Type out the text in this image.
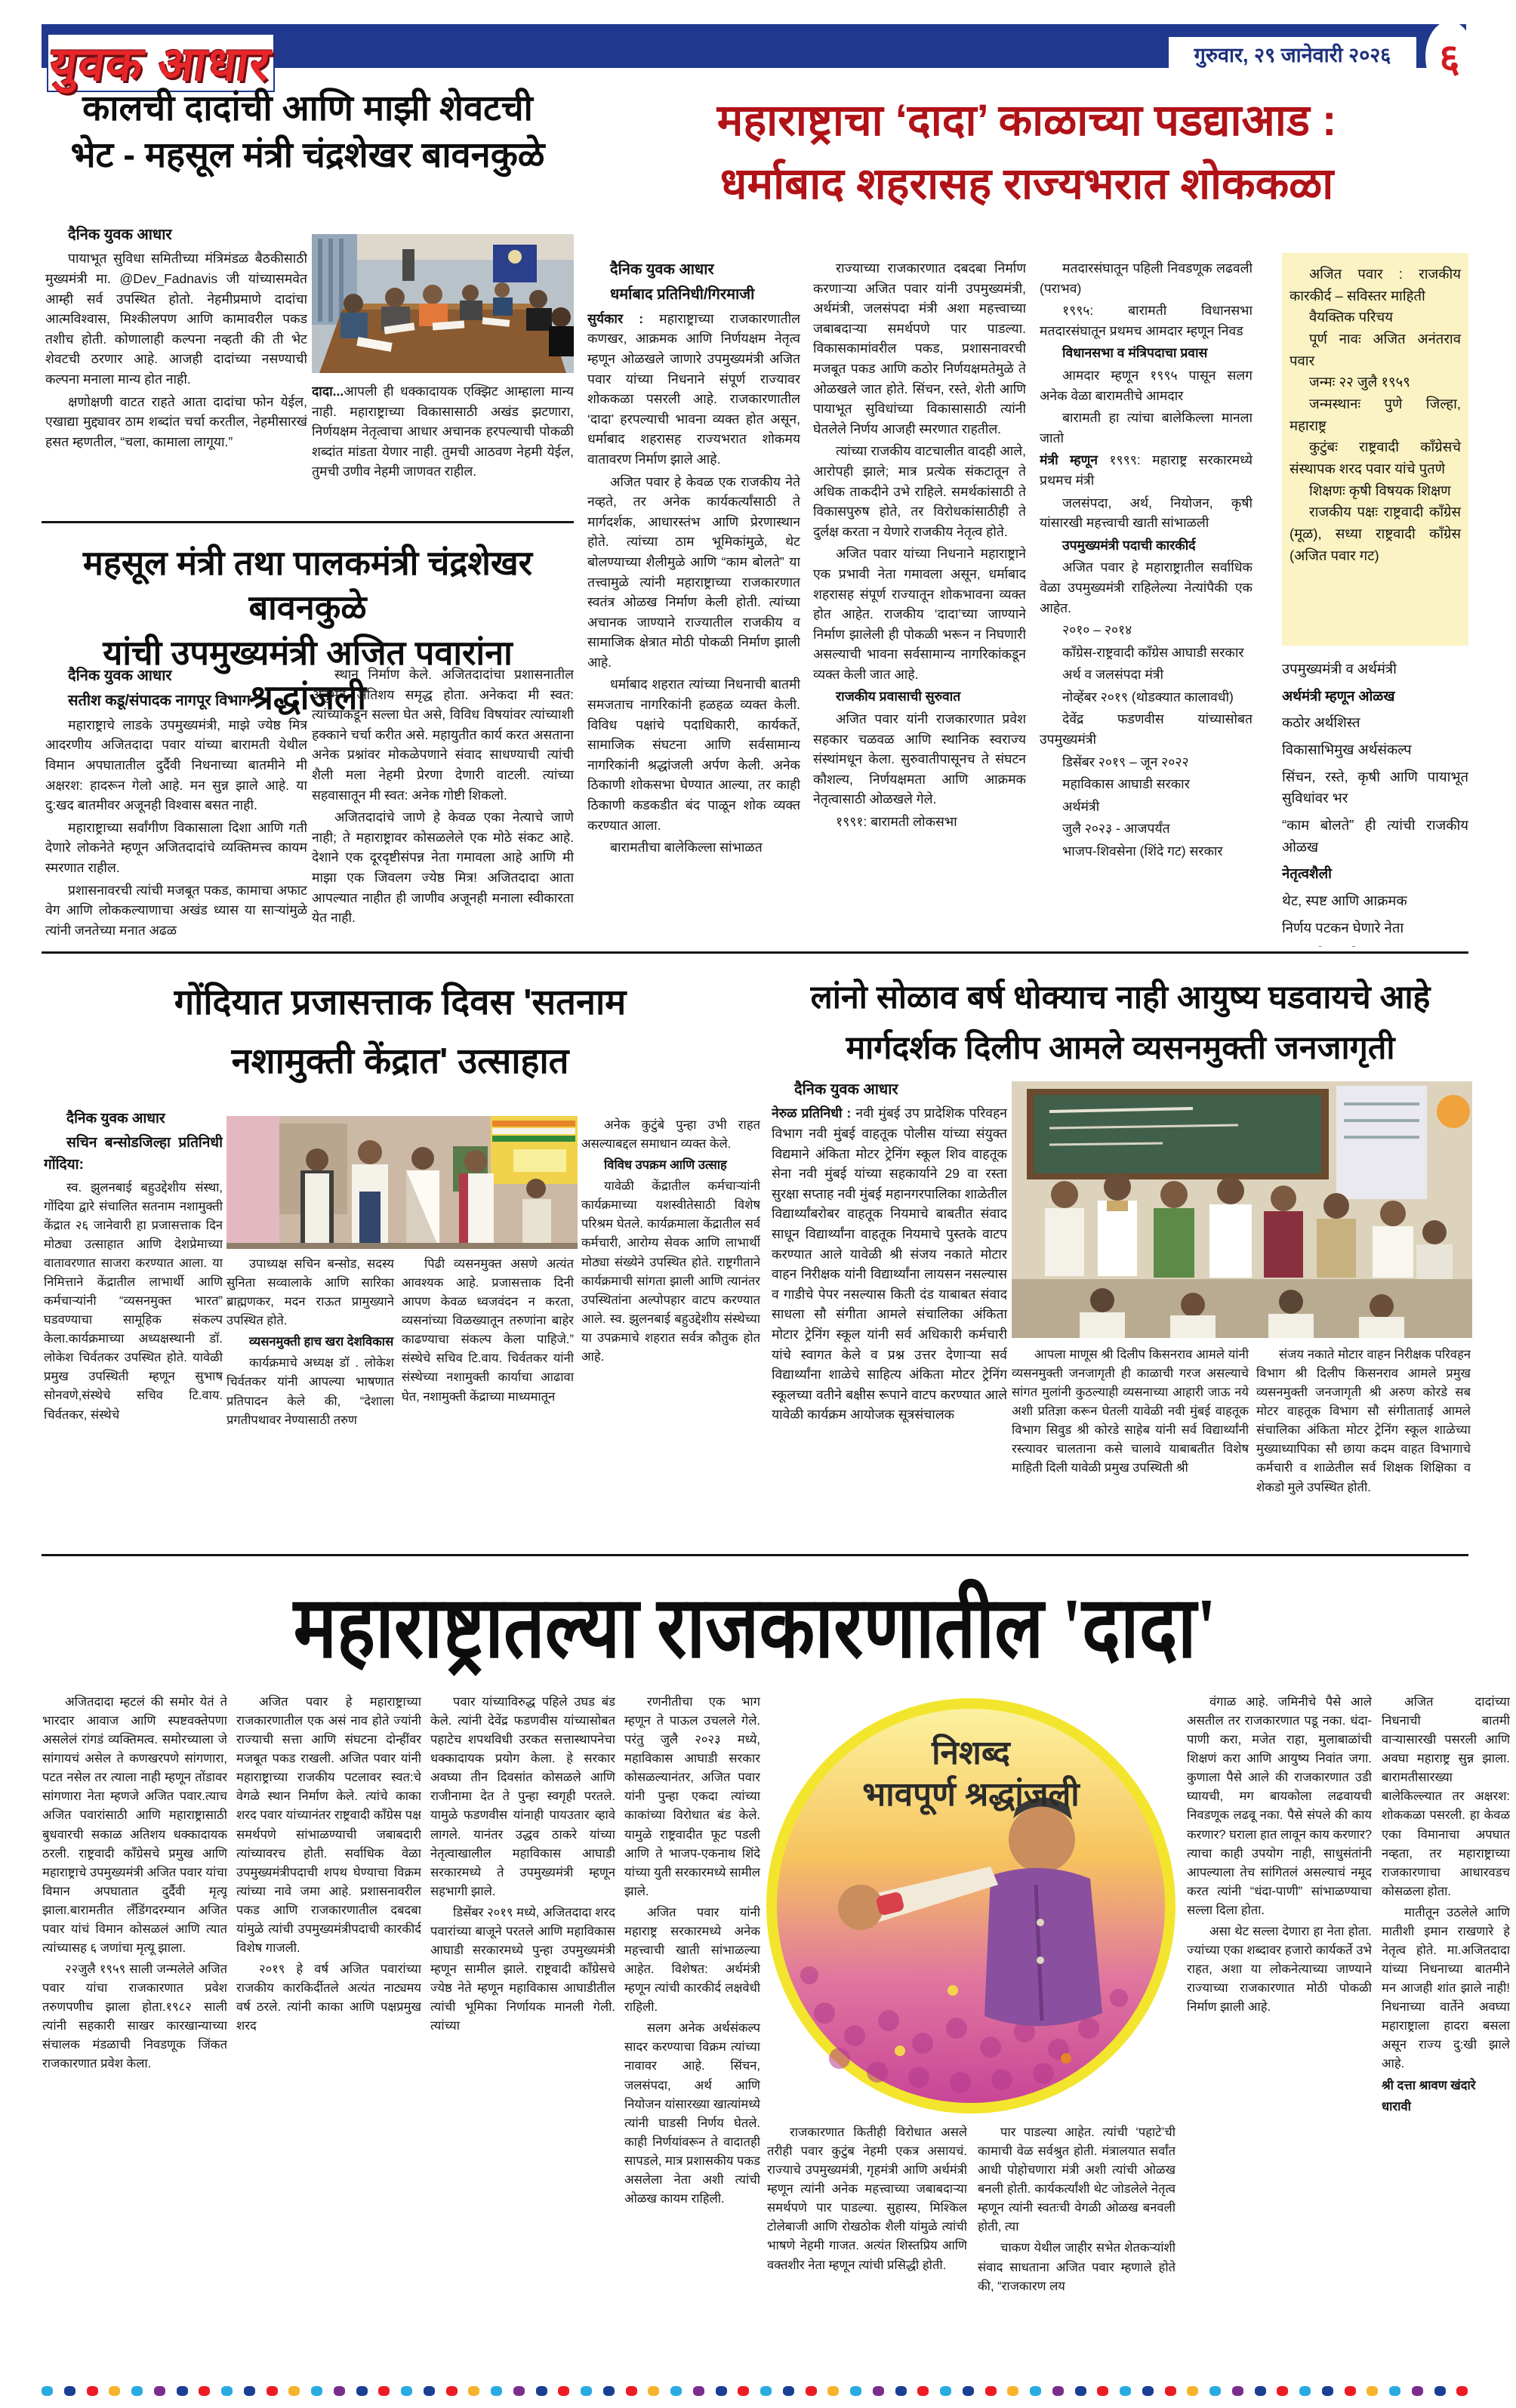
युवक आधार	गुरुवार, २९ जानेवारी २०२६ ६
कालची दादांची आणि माझी शेवटची
भेट - महसूल मंत्री चंद्रशेखर बावनकुळे

दैनिक युवक आधार

पायाभूत सुविधा समितीच्या मंत्रिमंडळ बैठकीसाठी मुख्यमंत्री मा. @Dev_Fadnavis जी यांच्यासमवेत आम्ही सर्व उपस्थित होतो. नेहमीप्रमाणे दादांचा आत्मविश्वास, मिश्कीलपण आणि कामावरील पकड तशीच होती. कोणालाही कल्पना नव्हती की ती भेट शेवटची ठरणार आहे. आजही दादांच्या नसण्याची कल्पना मनाला मान्य होत नाही.

क्षणोक्षणी वाटत राहते आता दादांचा फोन येईल, एखाद्या मुद्द्यावर ठाम शब्दांत चर्चा करतील, नेहमीसारखं हसत म्हणतील, “चला, कामाला लागूया.”

दादा...आपली ही धक्कादायक एक्झिट आम्हाला मान्य नाही. महाराष्ट्राच्या विकासासाठी अखंड झटणारा, निर्णयक्षम नेतृत्वाचा आधार अचानक हरपल्याची पोकळी शब्दांत मांडता येणार नाही. तुमची आठवण नेहमी येईल, तुमची उणीव नेहमी जाणवत राहील.

महसूल मंत्री तथा पालकमंत्री चंद्रशेखर बावनकुळे
यांची उपमुख्यमंत्री अजित पवारांना श्रद्धांजली

दैनिक युवक आधार

सतीश कडू/संपादक नागपूर विभाग :

महाराष्ट्राचे लाडके उपमुख्यमंत्री, माझे ज्येष्ठ मित्र आदरणीय अजितदादा पवार यांच्या बारामती येथील विमान अपघातातील दुर्दैवी निधनाच्या बातमीने मी अक्षरश: हादरून गेलो आहे. मन सुन्न झाले आहे. या दु:खद बातमीवर अजूनही विश्वास बसत नाही.

महाराष्ट्राच्या सर्वांगीण विकासाला दिशा आणि गती देणारे लोकनेते म्हणून अजितदादांचे व्यक्तिमत्त्व कायम स्मरणात राहील.

प्रशासनावरची त्यांची मजबूत पकड, कामाचा अफाट वेग आणि लोककल्याणाचा अखंड ध्यास या साऱ्यांमुळे त्यांनी जनतेच्या मनात अढळ

स्थान निर्माण केले. अजितदादांचा प्रशासनातील अनुभव अतिशय समृद्ध होता. अनेकदा मी स्वत: त्यांच्याकडून सल्ला घेत असे, विविध विषयांवर त्यांच्याशी हक्काने चर्चा करीत असे. महायुतीत कार्य करत असताना अनेक प्रश्नांवर मोकळेपणाने संवाद साधण्याची त्यांची शैली मला नेहमी प्रेरणा देणारी वाटली. त्यांच्या सहवासातून मी स्वत: अनेक गोष्टी शिकलो.

अजितदादांचे जाणे हे केवळ एका नेत्याचे जाणे नाही; ते महाराष्ट्रावर कोसळलेले एक मोठे संकट आहे. देशाने एक दूरदृष्टीसंपन्न नेता गमावला आहे आणि मी माझा एक जिवलग ज्येष्ठ मित्र! अजितदादा आता आपल्यात नाहीत ही जाणीव अजूनही मनाला स्वीकारता येत नाही.

महाराष्ट्राचा ‘दादा’ काळाच्या पडद्याआड :
धर्माबाद शहरासह राज्यभरात शोककळा

दैनिक युवक आधार

धर्माबाद प्रतिनिधी/गिरमाजी

सुर्यकार : महाराष्ट्राच्या राजकारणातील कणखर, आक्रमक आणि निर्णयक्षम नेतृत्व म्हणून ओळखले जाणारे उपमुख्यमंत्री अजित पवार यांच्या निधनाने संपूर्ण राज्यावर शोककळा पसरली आहे. राजकारणातील ‘दादा’ हरपल्याची भावना व्यक्त होत असून, धर्माबाद शहरासह राज्यभरात शोकमय वातावरण निर्माण झाले आहे.

अजित पवार हे केवळ एक राजकीय नेते नव्हते, तर अनेक कार्यकर्त्यांसाठी ते मार्गदर्शक, आधारस्तंभ आणि प्रेरणास्थान होते. त्यांच्या ठाम भूमिकांमुळे, थेट बोलण्याच्या शैलीमुळे आणि “काम बोलते” या तत्त्वामुळे त्यांनी महाराष्ट्राच्या राजकारणात स्वतंत्र ओळख निर्माण केली होती. त्यांच्या अचानक जाण्याने राज्यातील राजकीय व सामाजिक क्षेत्रात मोठी पोकळी निर्माण झाली आहे.

धर्माबाद शहरात त्यांच्या निधनाची बातमी समजताच नागरिकांनी हळहळ व्यक्त केली. विविध पक्षांचे पदाधिकारी, कार्यकर्ते, सामाजिक संघटना आणि सर्वसामान्य नागरिकांनी श्रद्धांजली अर्पण केली. अनेक ठिकाणी शोकसभा घेण्यात आल्या, तर काही ठिकाणी कडकडीत बंद पाळून शोक व्यक्त करण्यात आला.

बारामतीचा बालेकिल्ला सांभाळत

राज्याच्या राजकारणात दबदबा निर्माण करणाऱ्या अजित पवार यांनी उपमुख्यमंत्री, अर्थमंत्री, जलसंपदा मंत्री अशा महत्त्वाच्या जबाबदाऱ्या समर्थपणे पार पाडल्या. विकासकामांवरील पकड, प्रशासनावरची मजबूत पकड आणि कठोर निर्णयक्षमतेमुळे ते ओळखले जात होते. सिंचन, रस्ते, शेती आणि पायाभूत सुविधांच्या विकासासाठी त्यांनी घेतलेले निर्णय आजही स्मरणात राहतील.

त्यांच्या राजकीय वाटचालीत वादही आले, आरोपही झाले; मात्र प्रत्येक संकटातून ते अधिक ताकदीने उभे राहिले. समर्थकांसाठी ते विकासपुरुष होते, तर विरोधकांसाठीही ते दुर्लक्ष करता न येणारे राजकीय नेतृत्व होते.

अजित पवार यांच्या निधनाने महाराष्ट्राने एक प्रभावी नेता गमावला असून, धर्माबाद शहरासह संपूर्ण राज्यातून शोकभावना व्यक्त होत आहेत. राजकीय ‘दादा’च्या जाण्याने निर्माण झालेली ही पोकळी भरून न निघणारी असल्याची भावना सर्वसामान्य नागरिकांकडून व्यक्त केली जात आहे.

राजकीय प्रवासाची सुरुवात

अजित पवार यांनी राजकारणात प्रवेश सहकार चळवळ आणि स्थानिक स्वराज्य संस्थांमधून केला. सुरुवातीपासूनच ते संघटन कौशल्य, निर्णयक्षमता आणि आक्रमक नेतृत्वासाठी ओळखले गेले.

१९९१: बारामती लोकसभा

मतदारसंघातून पहिली निवडणूक लढवली (पराभव)

१९९५: बारामती विधानसभा मतदारसंघातून प्रथमच आमदार म्हणून निवड

विधानसभा व मंत्रिपदाचा प्रवास

आमदार म्हणून १९९५ पासून सलग अनेक वेळा बारामतीचे आमदार

बारामती हा त्यांचा बालेकिल्ला मानला जातो

मंत्री म्हणून १९९९: महाराष्ट्र सरकारमध्ये प्रथमच मंत्री

जलसंपदा, अर्थ, नियोजन, कृषी यांसारखी महत्त्वाची खाती सांभाळली

उपमुख्यमंत्री पदाची कारकीर्द

अजित पवार हे महाराष्ट्रातील सर्वाधिक वेळा उपमुख्यमंत्री राहिलेल्या नेत्यांपैकी एक आहेत.

२०१० – २०१४

काँग्रेस-राष्ट्रवादी काँग्रेस आघाडी सरकार

अर्थ व जलसंपदा मंत्री

नोव्हेंबर २०१९ (थोडक्यात कालावधी)

देवेंद्र फडणवीस यांच्यासोबत उपमुख्यमंत्री

डिसेंबर २०१९ – जून २०२२

महाविकास आघाडी सरकार

अर्थमंत्री

जुलै २०२३ - आजपर्यंत

भाजप-शिवसेना (शिंदे गट) सरकार

अजित पवार : राजकीय कारकीर्द – सविस्तर माहिती

वैयक्तिक परिचय

पूर्ण नावः अजित अनंतराव पवार

जन्मः २२ जुलै १९५९

जन्मस्थानः पुणे जिल्हा, महाराष्ट्र

कुटुंबः राष्ट्रवादी काँग्रेसचे संस्थापक शरद पवार यांचे पुतणे

शिक्षणः कृषी विषयक शिक्षण

राजकीय पक्षः राष्ट्रवादी काँग्रेस (मूळ), सध्या राष्ट्रवादी काँग्रेस (अजित पवार गट)

उपमुख्यमंत्री व अर्थमंत्री

अर्थमंत्री म्हणून ओळख

कठोर अर्थशिस्त

विकासाभिमुख अर्थसंकल्प

सिंचन, रस्ते, कृषी आणि पायाभूत सुविधांवर भर

“काम बोलते” ही त्यांची राजकीय ओळख

नेतृत्वशैली

थेट, स्पष्ट आणि आक्रमक

निर्णय पटकन घेणारे नेता

गोंदियात प्रजासत्ताक दिवस 'सतनाम
नशामुक्ती केंद्रात' उत्साहात

दैनिक युवक आधार

सचिन बन्सोडजिल्हा प्रतिनिधी गोंदिया:

स्व. झुलनबाई बहुउद्देशीय संस्था, गोंदिया द्वारे संचालित सतनाम नशामुक्ती केंद्रात २६ जानेवारी हा प्रजासत्ताक दिन मोठ्या उत्साहात आणि देशप्रेमाच्या वातावरणात साजरा करण्यात आला. या निमित्ताने केंद्रातील लाभार्थी आणि कर्मचाऱ्यांनी “व्यसनमुक्त भारत” घडवण्याचा सामूहिक संकल्प केला.कार्यक्रमाच्या अध्यक्षस्थानी डॉ. लोकेश चिर्वतकर उपस्थित होते. यावेळी प्रमुख उपस्थिती म्हणून सुभाष सोनवणे,संस्थेचे सचिव टि.वाय. चिर्वतकर, संस्थेचे

उपाध्यक्ष सचिन बन्सोड, सदस्य सुनिता सव्वालाके आणि सारिका ब्राह्मणकर, मदन राऊत प्रामुख्याने उपस्थित होते.

व्यसनमुक्ती हाच खरा देशविकास

कार्यक्रमाचे अध्यक्ष डॉ . लोकेश चिर्वतकर यांनी आपल्या भाषणात प्रतिपादन केले की, “देशाला प्रगतीपथावर नेण्यासाठी तरुण

पिढी व्यसनमुक्त असणे अत्यंत आवश्यक आहे. प्रजासत्ताक दिनी आपण केवळ ध्वजवंदन न करता, व्यसनांच्या विळख्यातून तरुणांना बाहेर काढण्याचा संकल्प केला पाहिजे.” संस्थेचे सचिव टि.वाय. चिर्वतकर यांनी संस्थेच्या नशामुक्ती कार्याचा आढावा घेत, नशामुक्ती केंद्राच्या माध्यमातून

अनेक कुटुंबे पुन्हा उभी राहत असल्याबद्दल समाधान व्यक्त केले.

विविध उपक्रम आणि उत्साह

यावेळी केंद्रातील कर्मचाऱ्यांनी कार्यक्रमाच्या यशस्वीतेसाठी विशेष परिश्रम घेतले. कार्यक्रमाला केंद्रातील सर्व कर्मचारी, आरोग्य सेवक आणि लाभार्थी मोठ्या संख्येने उपस्थित होते. राष्ट्रगीताने कार्यक्रमाची सांगता झाली आणि त्यानंतर उपस्थितांना अल्पोपहार वाटप करण्यात आले. स्व. झुलनबाई बहुउद्देशीय संस्थेच्या या उपक्रमाचे शहरात सर्वत्र कौतुक होत आहे.

लांनो सोळाव बर्ष धोक्याच नाही आयुष्य घडवायचे आहे
मार्गदर्शक दिलीप आमले व्यसनमुक्ती जनजागृती

दैनिक युवक आधार

नेरुळ प्रतिनिधी : नवी मुंबई उप प्रादेशिक परिवहन विभाग नवी मुंबई वाहतूक पोलीस यांच्या संयुक्त विद्यमाने अंकिता मोटर ट्रेनिंग स्कूल शिव वाहतूक सेना नवी मुंबई यांच्या सहकार्याने 29 वा रस्ता सुरक्षा सप्ताह नवी मुंबई महानगरपालिका शाळेतील विद्यार्थ्यांबरोबर वाहतूक नियमाचे बाबतीत संवाद साधून विद्यार्थ्यांना वाहतूक नियमाचे पुस्तके वाटप करण्यात आले यावेळी श्री संजय नकाते मोटार वाहन निरीक्षक यांनी विद्यार्थ्यांना लायसन नसल्यास व गाडीचे पेपर नसल्यास किती दंड याबाबत संवाद साधला सौ संगीता आमले संचालिका अंकिता मोटार ट्रेनिंग स्कूल यांनी सर्व अधिकारी कर्मचारी यांचे स्वागत केले व प्रश्न उत्तर देणाऱ्या सर्व विद्यार्थ्यांना शाळेचे साहित्य अंकिता मोटर ट्रेनिंग स्कूलच्या वतीने बक्षीस रूपाने वाटप करण्यात आले यावेळी कार्यक्रम आयोजक सूत्रसंचालक

आपला माणूस श्री दिलीप किसनराव आमले यांनी व्यसनमुक्ती जनजागृती ही काळाची गरज असल्याचे सांगत मुलांनी कुठल्याही व्यसनाच्या आहारी जाऊ नये अशी प्रतिज्ञा करून घेतली यावेळी नवी मुंबई वाहतूक विभाग सिवुड श्री कोरडे साहेब यांनी सर्व विद्यार्थ्यांनी रस्त्यावर चालताना कसे चालावे याबाबतीत विशेष माहिती दिली यावेळी प्रमुख उपस्थिती श्री

संजय नकाते मोटार वाहन निरीक्षक परिवहन विभाग श्री दिलीप किसनराव आमले प्रमुख व्यसनमुक्ती जनजागृती श्री अरुण कोरडे सब मोटर वाहतूक विभाग सौ संगीताताई आमले संचालिका अंकिता मोटर ट्रेनिंग स्कूल शाळेच्या मुख्याध्यापिका सौ छाया कदम वाहत विभागाचे कर्मचारी व शाळेतील सर्व शिक्षक शिक्षिका व शेकडो मुले उपस्थित होती.

महाराष्ट्रातल्या राजकारणातील 'दादा'

अजितदादा म्हटलं की समोर येतं ते भारदार आवाज आणि स्पष्टवक्तेपणा असलेलं रांगडं व्यक्तिमत्व. समोरच्याला जे सांगायचं असेल ते कणखरपणे सांगणारा, पटत नसेल तर त्याला नाही म्हणून तोंडावर सांगणारा नेता म्हणजे अजित पवार.त्याच अजित पवारांसाठी आणि महाराष्ट्रासाठी बुधवारची सकाळ अतिशय धक्कादायक ठरली. राष्ट्रवादी काँग्रेसचे प्रमुख आणि महाराष्ट्राचे उपमुख्यमंत्री अजित पवार यांचा विमान अपघातात दुर्दैवी मृत्यू झाला.बारामतीत लँडिंगदरम्यान अजित पवार यांचं विमान कोसळलं आणि त्यात त्यांच्यासह ६ जणांचा मृत्यू झाला.

२२जुलै १९५९ साली जन्मलेले अजित पवार यांचा राजकारणात प्रवेश तरुणपणीच झाला होता.१९८२ साली त्यांनी सहकारी साखर कारखान्याच्या संचालक मंडळाची निवडणूक जिंकत राजकारणात प्रवेश केला.

अजित पवार हे महाराष्ट्राच्या राजकारणातील एक असं नाव होते ज्यांनी राज्याची सत्ता आणि संघटना दोन्हींवर मजबूत पकड राखली. अजित पवार यांनी महाराष्ट्राच्या राजकीय पटलावर स्वत:चे वेगळे स्थान निर्माण केले. त्यांचे काका शरद पवार यांच्यानंतर राष्ट्रवादी काँग्रेस पक्ष समर्थपणे सांभाळण्याची जबाबदारी त्यांच्यावरच होती. सर्वाधिक वेळा उपमुख्यमंत्रीपदाची शपथ घेण्याचा विक्रम त्यांच्या नावे जमा आहे. प्रशासनावरील पकड आणि राजकारणातील दबदबा यांमुळे त्यांची उपमुख्यमंत्रीपदाची कारकीर्द विशेष गाजली.

२०१९ हे वर्ष अजित पवारांच्या राजकीय कारकिर्दीतले अत्यंत नाट्यमय वर्ष ठरले. त्यांनी काका आणि पक्षप्रमुख शरद

पवार यांच्याविरुद्ध पहिले उघड बंड केले. त्यांनी देवेंद्र फडणवीस यांच्यासोबत पहाटेच शपथविधी उरकत सत्तास्थापनेचा धक्कादायक प्रयोग केला. हे सरकार अवघ्या तीन दिवसांत कोसळले आणि राजीनामा देत ते पुन्हा स्वगृही परतले. यामुळे फडणवीस यांनाही पायउतार व्हावे लागले. यानंतर उद्धव ठाकरे यांच्या नेतृत्वाखालील महाविकास आघाडी सरकारमध्ये ते उपमुख्यमंत्री म्हणून सहभागी झाले.

डिसेंबर २०१९ मध्ये, अजितदादा शरद पवारांच्या बाजूने परतले आणि महाविकास आघाडी सरकारमध्ये पुन्हा उपमुख्यमंत्री म्हणून सामील झाले. राष्ट्रवादी काँग्रेसचे ज्येष्ठ नेते म्हणून महाविकास आघाडीतील त्यांची भूमिका निर्णायक मानली गेली. त्यांच्या

रणनीतीचा एक भाग म्हणून ते पाऊल उचलले गेले. परंतु जुलै २०२३ मध्ये, महाविकास आघाडी सरकार कोसळल्यानंतर, अजित पवार यांनी पुन्हा एकदा त्यांच्या काकांच्या विरोधात बंड केले. यामुळे राष्ट्रवादीत फूट पडली आणि ते भाजप-एकनाथ शिंदे यांच्या युती सरकारमध्ये सामील झाले.

अजित पवार यांनी महाराष्ट्र सरकारमध्ये अनेक महत्त्वाची खाती सांभाळल्या आहेत. विशेषत: अर्थमंत्री म्हणून त्यांची कारकीर्द लक्षवेधी राहिली.

सलग अनेक अर्थसंकल्प सादर करण्याचा विक्रम त्यांच्या नावावर आहे. सिंचन, जलसंपदा, अर्थ आणि नियोजन यांसारख्या खात्यांमध्ये त्यांनी घाडसी निर्णय घेतले. काही निर्णयांवरून ते वादातही सापडले, मात्र प्रशासकीय पकड असलेला नेता अशी त्यांची ओळख कायम राहिली.

निशब्द
भावपूर्ण श्रद्धांजली

राजकारणात कितीही विरोधात असले तरीही पवार कुटुंब नेहमी एकत्र असायचं. राज्याचे उपमुख्यमंत्री, गृहमंत्री आणि अर्थमंत्री म्हणून त्यांनी अनेक महत्त्वाच्या जबाबदाऱ्या समर्थपणे पार पाडल्या. सुहास्य, मिश्किल टोलेबाजी आणि रोखठोक शैली यांमुळे त्यांची भाषणे नेहमी गाजत. अत्यंत शिस्तप्रिय आणि वक्तशीर नेता म्हणून त्यांची प्रसिद्धी होती.

पार पाडल्या आहेत. त्यांची ‘पहाटे’ची कामाची वेळ सर्वश्रुत होती. मंत्रालयात सर्वांत आधी पोहोचणारा मंत्री अशी त्यांची ओळख बनली होती. कार्यकर्त्यांशी थेट जोडलेले नेतृत्व म्हणून त्यांनी स्वतःची वेगळी ओळख बनवली होती, त्या

चाकण येथील जाहीर सभेत शेतकऱ्यांशी संवाद साधताना अजित पवार म्हणाले होते की, “राजकारण लय

वंगाळ आहे. जमिनीचे पैसे आले असतील तर राजकारणात पडू नका. धंदा-पाणी करा, मजेत राहा, मुलाबाळांची शिक्षणं करा आणि आयुष्य निवांत जगा. कुणाला पैसे आले की राजकारणात उडी घ्यायची, मग बायकोला लढवायची निवडणूक लढवू नका. पैसे संपले की काय करणार? घराला हात लावून काय करणार? त्याचा काही उपयोग नाही, साधुसंतांनी आपल्याला तेच सांगितलं असल्याचं नमूद करत त्यांनी “धंदा-पाणी” सांभाळण्याचा सल्ला दिला होता.

असा थेट सल्ला देणारा हा नेता होता. ज्यांच्या एका शब्दावर हजारो कार्यकर्ते उभे राहत, अशा या लोकनेत्याच्या जाण्याने राज्याच्या राजकारणात मोठी पोकळी निर्माण झाली आहे.

अजित दादांच्या निधनाची बातमी वाऱ्यासारखी पसरली आणि अवघा महाराष्ट्र सुन्न झाला. बारामतीसारख्या बालेकिल्ल्यात तर अक्षरश: शोककळा पसरली. हा केवळ एका विमानाचा अपघात नव्हता, तर महाराष्ट्राच्या राजकारणाचा आधारवडच कोसळला होता.

मातीतून उठलेले आणि मातीशी इमान राखणारे हे नेतृत्व होते. मा.अजितदादा यांच्या निधनाच्या बातमीने मन आजही शांत झाले नाही! निधनाच्या वार्तेने अवघ्या महाराष्ट्राला हादरा बसला असून राज्य दु:खी झाले आहे.

श्री दत्ता श्रावण खंदारे

धारावी
